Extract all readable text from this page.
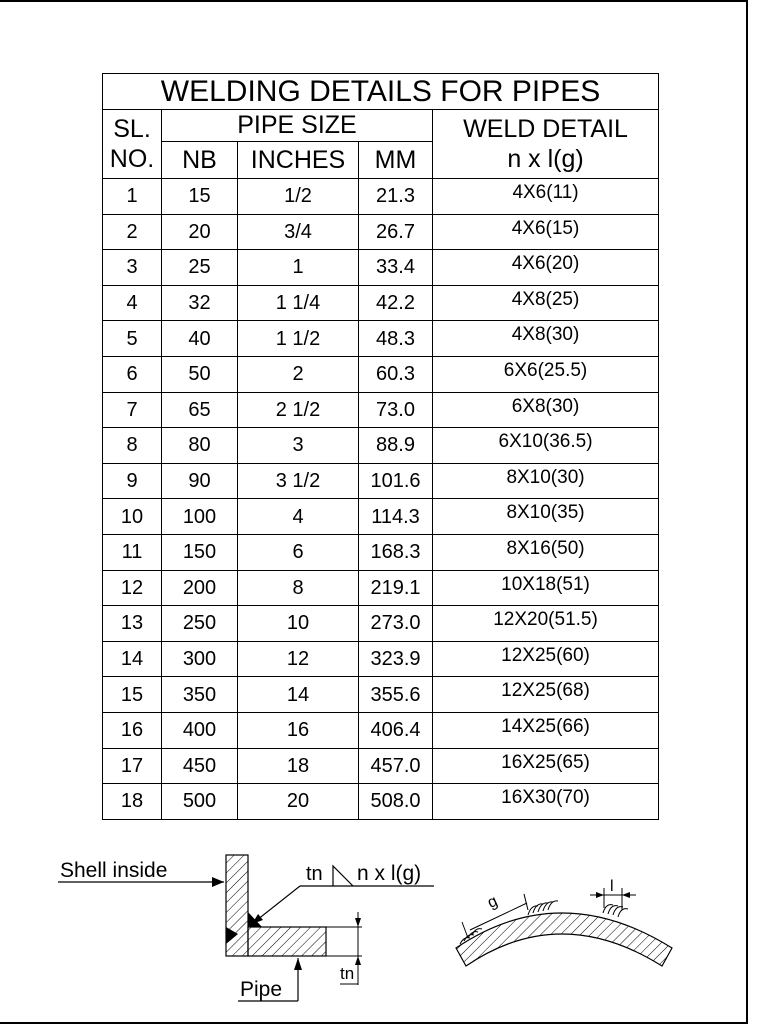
WELDING DETAILS FOR PIPES				
SL.	PIPE SIZE			WELD DETAIL
NO.	NB	INCHES	MM	n x l(g)
1	15	1/2	21.3	4X6(11)
2	20	3/4	26.7	4X6(15)
3	25	1	33.4	4X6(20)
4	32	1 1/4	42.2	4X8(25)
5	40	1 1/2	48.3	4X8(30)
6	50	2	60.3	6X6(25.5)
7	65	2 1/2	73.0	6X8(30)
8	80	3	88.9	6X10(36.5)
9	90	3 1/2	101.6	8X10(30)
10	100	4	114.3	8X10(35)
11	150	6	168.3	8X16(50)
12	200	8	219.1	10X18(51)
13	250	10	273.0	12X20(51.5)
14	300	12	323.9	12X25(60)
15	350	14	355.6	12X25(68)
16	400	16	406.4	14X25(66)
17	450	18	457.0	16X25(65)
18	500	20	508.0	16X30(70)
Shell inside	tn n x l(g)
tn
Pipe
g
l
